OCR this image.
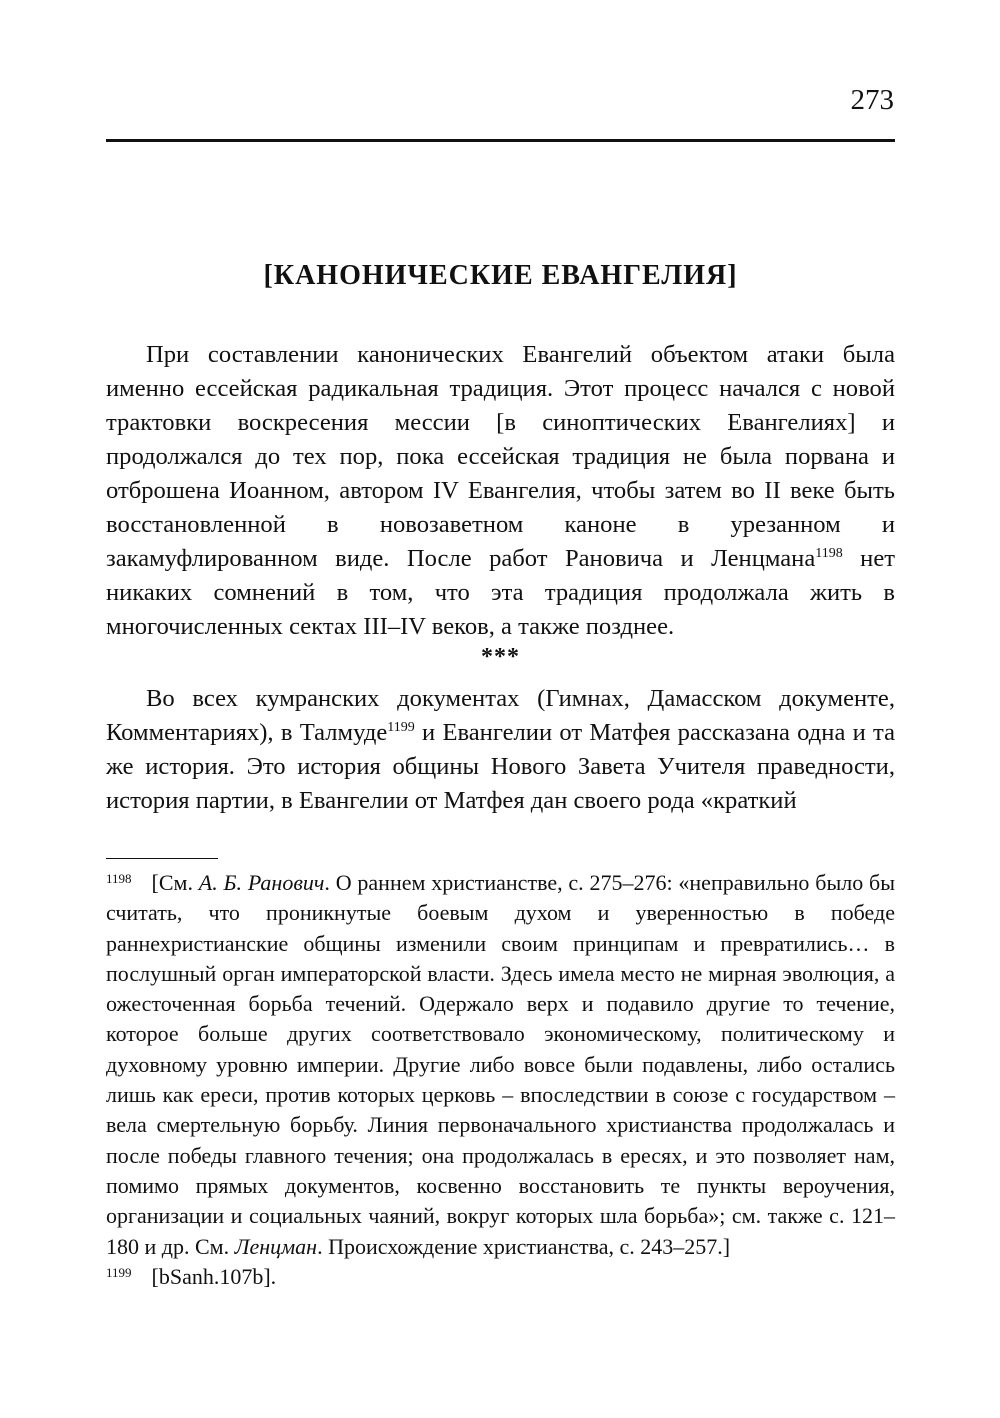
273
[КАНОНИЧЕСКИЕ ЕВАНГЕЛИЯ]

При составлении канонических Евангелий объектом атаки была именно ессейская радикальная традиция. Этот процесс начался с новой трактовки воскресения мессии [в синоптических Евангелиях] и продолжался до тех пор, пока ессейская традиция не была порвана и отброшена Иоанном, автором IV Евангелия, чтобы затем во II веке быть восстановленной в новозаветном каноне в урезанном и закамуфлированном виде. После работ Рановича и Ленцмана$^{1198}$ нет никаких сомнений в том, что эта традиция продолжала жить в многочисленных сектах III–IV веков, а также позднее.

***

Во всех кумранских документах (Гимнах, Дамасском документе, Комментариях), в Талмуде$^{1199}$ и Евангелии от Матфея рассказана одна и та же история. Это история общины Нового Завета Учителя праведности, история партии, в Евангелии от Матфея дан своего рода «краткий

$^{1198}$ [См. А. Б. Ранович. О раннем христианстве, с. 275–276: «неправильно было бы считать, что проникнутые боевым духом и уверенностью в победе раннехристианские общины изменили своим принципам и превратились… в послушный орган императорской власти. Здесь имела место не мирная эволюция, а ожесточенная борьба течений. Одержало верх и подавило другие то течение, которое больше других соответствовало экономическому, политическому и духовному уровню империи. Другие либо вовсе были подавлены, либо остались лишь как ереси, против которых церковь – впоследствии в союзе с государством – вела смертельную борьбу. Линия первоначального христианства продолжалась и после победы главного течения; она продолжалась в ересях, и это позволяет нам, помимо прямых документов, косвенно восстановить те пункты вероучения, организации и социальных чаяний, вокруг которых шла борьба»; см. также с. 121–180 и др. См. Ленцман. Происхождение христианства, с. 243–257.]

$^{1199}$ [bSanh.107b].
